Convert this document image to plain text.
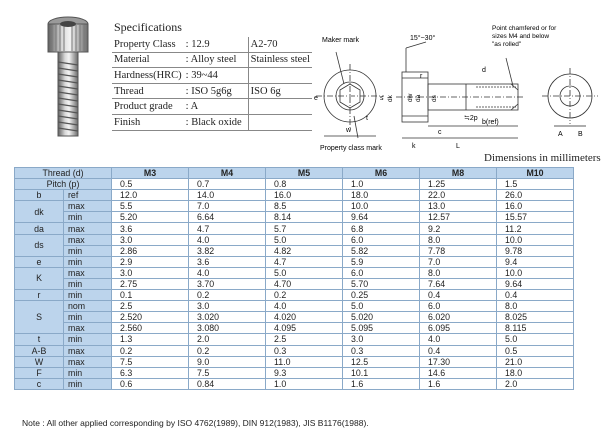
Specifications
Property Class	: 12.9	A2-70
Material	: Alloy steel	Stainless steel
Hardness(HRC)	: 39~44	
Thread	: ISO 5g6g	ISO 6g
Product grade	: A	
Finish	: Black oxide	
Maker mark
Property class mark
15°~30°
Point chamfered or for
sizes M4 and below
"as rolled"
d
dk	ds
da
dw
e	s
t
w
k
r
L
c
≒2p
b(ref)
A B
Dimensions in millimeters
Thread (d)		M3	M4	M5	M6	M8	M10
Pitch (p)		0.5	0.7	0.8	1.0	1.25	1.5
b	ref	12.0	14.0	16.0	18.0	22.0	26.0
dk	max	5.5	7.0	8.5	10.0	13.0	16.0
	min	5.20	6.64	8.14	9.64	12.57	15.57
da	max	3.6	4.7	5.7	6.8	9.2	11.2
ds	max	3.0	4.0	5.0	6.0	8.0	10.0
	min	2.86	3.82	4.82	5.82	7.78	9.78
e	min	2.9	3.6	4.7	5.9	7.0	9.4
K	max	3.0	4.0	5.0	6.0	8.0	10.0
	min	2.75	3.70	4.70	5.70	7.64	9.64
r	min	0.1	0.2	0.2	0.25	0.4	0.4
S	nom	2.5	3.0	4.0	5.0	6.0	8.0
	min	2.520	3.020	4.020	5.020	6.020	8.025
	max	2.560	3.080	4.095	5.095	6.095	8.115
t	min	1.3	2.0	2.5	3.0	4.0	5.0
A-B	max	0.2	0.2	0.3	0.3	0.4	0.5
W	max	7.5	9.0	11.0	12.5	17.30	21.0
F	min	6.3	7.5	9.3	10.1	14.6	18.0
c	min	0.6	0.84	1.0	1.6	1.6	2.0
Note : All other applied corresponding by ISO 4762(1989), DIN 912(1983), JIS B1176(1988).
